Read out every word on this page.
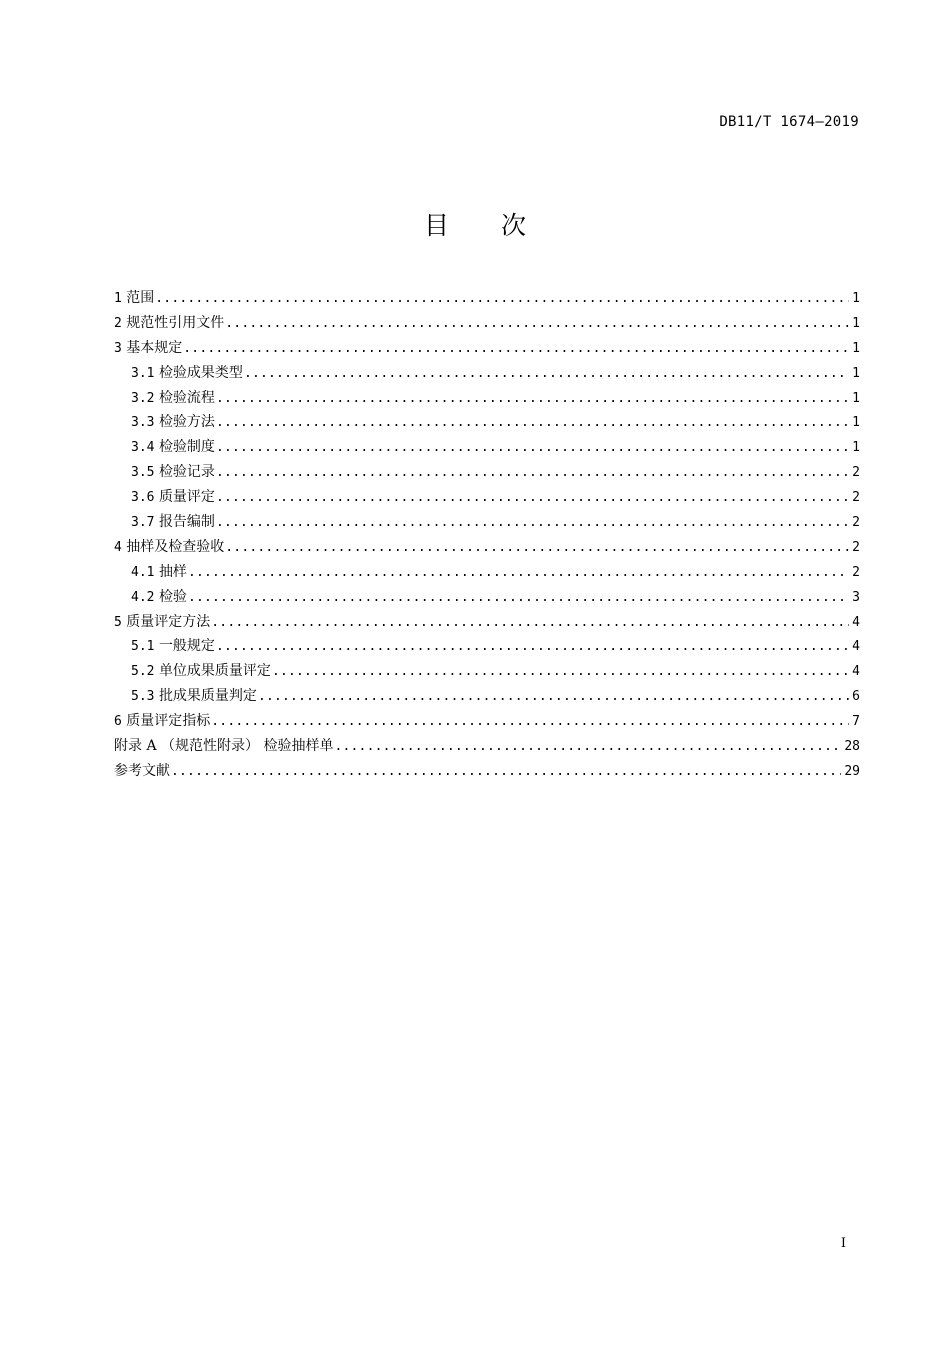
DB11/T 1674—2019
目 次
1 范围 .....	1
2 规范性引用文件 .....	1
3 基本规定 .....	1
3.1 检验成果类型 .....	1
3.2 检验流程 .....	1
3.3 检验方法 .....	1
3.4 检验制度 .....	1
3.5 检验记录 .....	2
3.6 质量评定 .....	2
3.7 报告编制 .....	2
4 抽样及检查验收 .....	2
4.1 抽样 .....	2
4.2 检验 .....	3
5 质量评定方法 .....	4
5.1 一般规定 .....	4
5.2 单位成果质量评定 .....	4
5.3 批成果质量判定 .....	6
6 质量评定指标 .....	7
附录 A （规范性附录） 检验抽样单 .....	28
参考文献 .....	29
I
